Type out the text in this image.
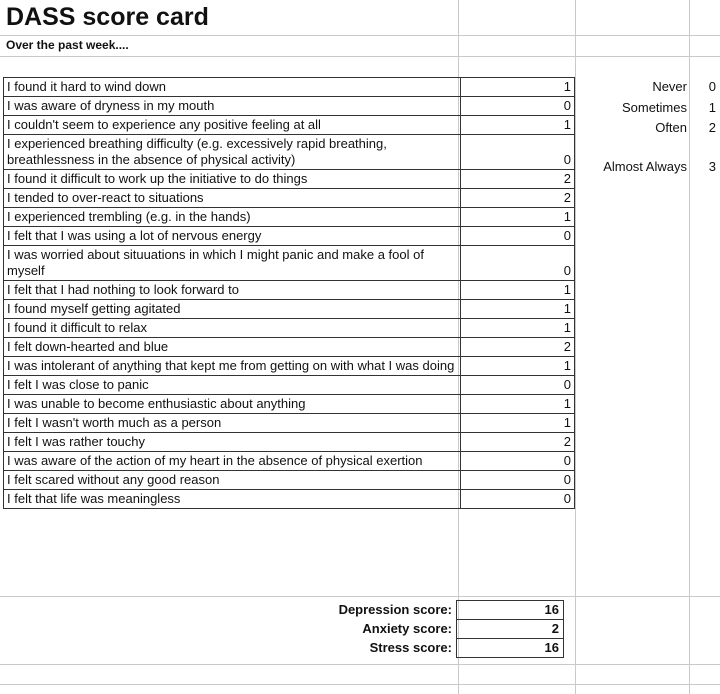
DASS score card
Over the past week....
I found it hard to wind down	1
I was aware of dryness in my mouth	0
I couldn't seem to experience any positive feeling at all	1
I experienced breathing difficulty (e.g. excessively rapid breathing, breathlessness in the absence of physical activity)	0
I found it difficult to work up the initiative to do things	2
I tended to over-react to situations	2
I experienced trembling (e.g. in the hands)	1
I felt that I was using a lot of nervous energy	0
I was worried about situuations in which I might panic and make a fool of myself	0
I felt that I had nothing to look forward to	1
I found myself getting agitated	1
I found it difficult to relax	1
I felt down-hearted and blue	2
I was intolerant of anything that kept me from getting on with what I was doing	1
I felt I was close to panic	0
I was unable to become enthusiastic about anything	1
I felt I wasn't worth much as a person	1
I felt I was rather touchy	2
I was aware of the action of my heart in the absence of physical exertion	0
I felt scared without any good reason	0
I felt that life was meaningless	0
Never	0
Sometimes	1
Often	2
Almost Always	3
Depression score:	16
Anxiety score:	2
Stress score:	16
